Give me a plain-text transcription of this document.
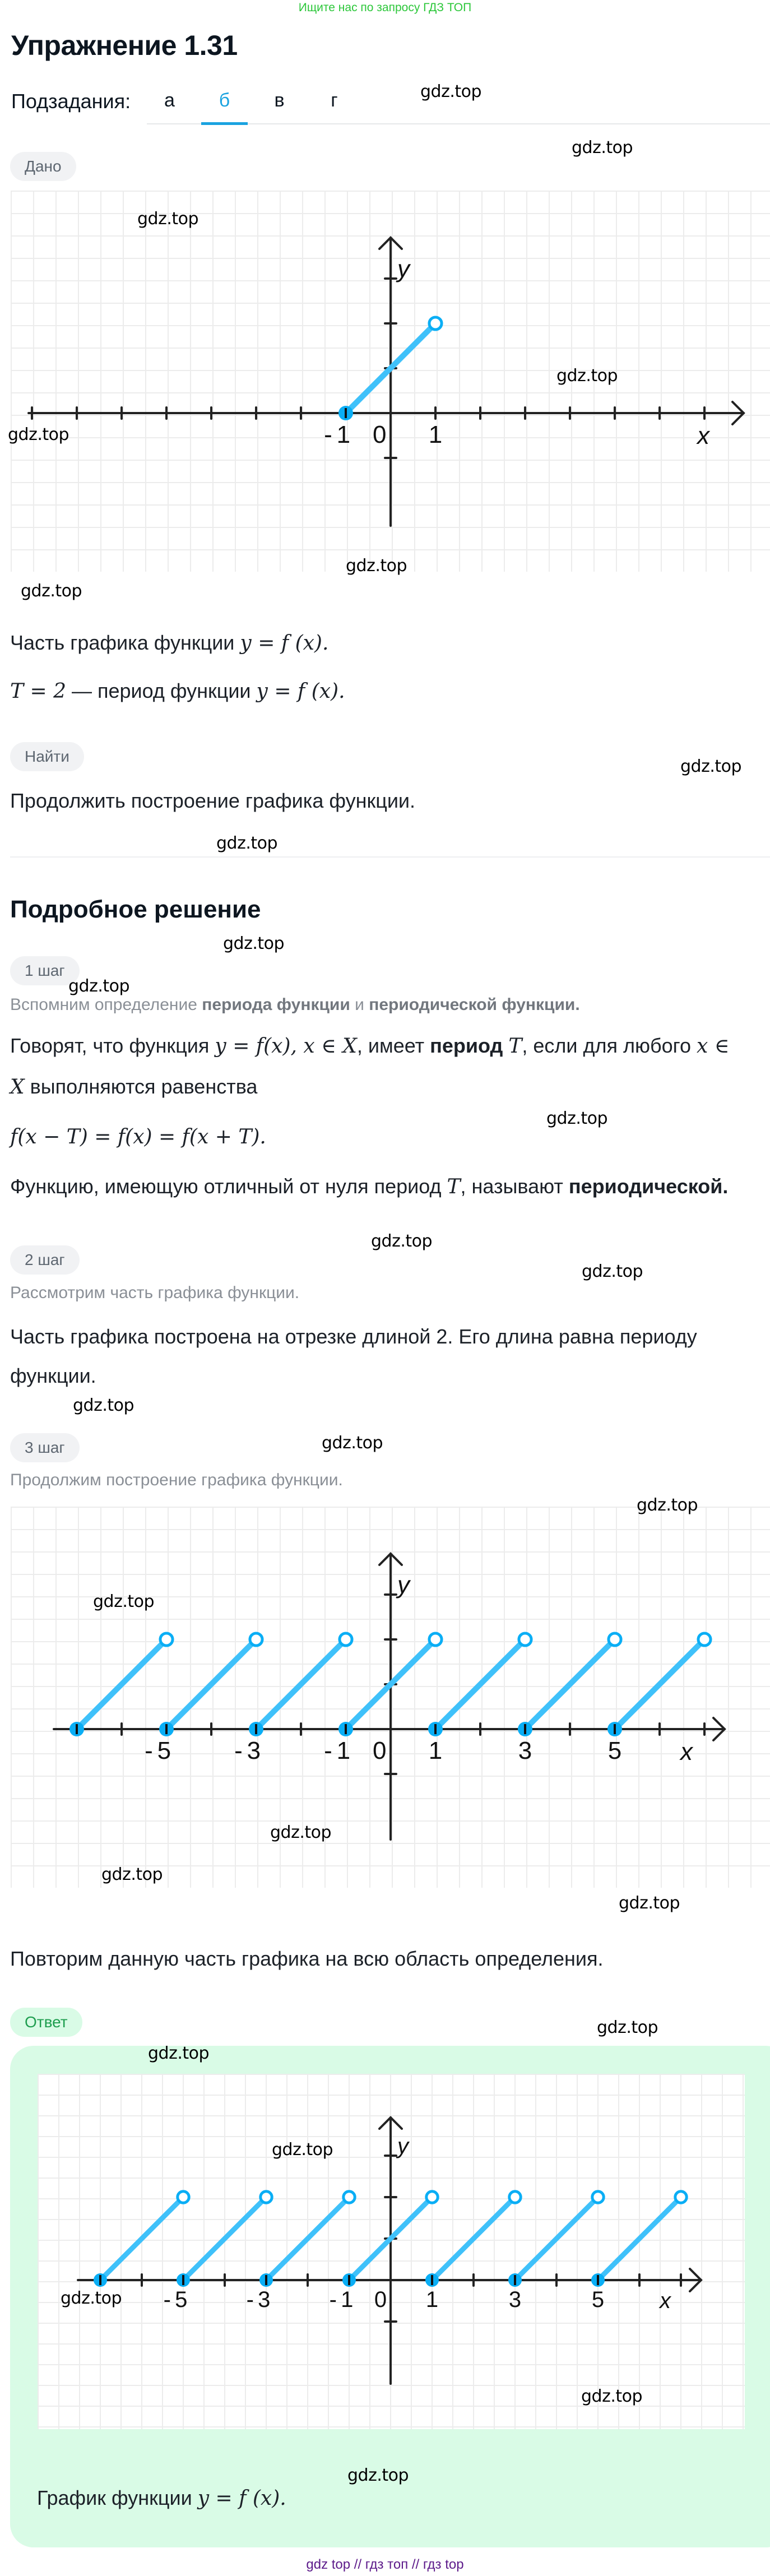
Ищите нас по запросу ГДЗ ТОП
Упражнение 1.31
Подзадания:	а	б	в	г
Дано
- 1 0 1	x
y
Часть графика функции y = f (x).
T = 2 — период функции y = f (x).
Найти
Продолжить построение графика функции.
Подробное решение
1 шаг
Вспомним определение периода функции и периодической функции.
Говорят, что функция y = f(x), x ∈ X, имеет период T, если для любого x ∈
X выполняются равенства
f(x − T) = f(x) = f(x + T).
Функцию, имеющую отличный от нуля период T, называют периодической.
2 шаг
Рассмотрим часть графика функции.
Часть графика построена на отрезке длиной 2. Его длина равна периоду
функции.
3 шаг
Продолжим построение графика функции.
- 5	- 3	- 1 0 1	3	5 x
y
Повторим данную часть графика на всю область определения.
Ответ
- 5	- 3	- 1 0 1	3	5 x
y
График функции y = f (x).
gdz top // гдз топ // гдз top
gdz.top
gdz.top
gdz.top
gdz.top
gdz.top
gdz.top
gdz.top
gdz.top
gdz.top
gdz.top
gdz.top
gdz.top
gdz.top
gdz.top
gdz.top
gdz.top
gdz.top
gdz.top
gdz.top
gdz.top
gdz.top
gdz.top
gdz.top
gdz.top
gdz.top
gdz.top
gdz.top
